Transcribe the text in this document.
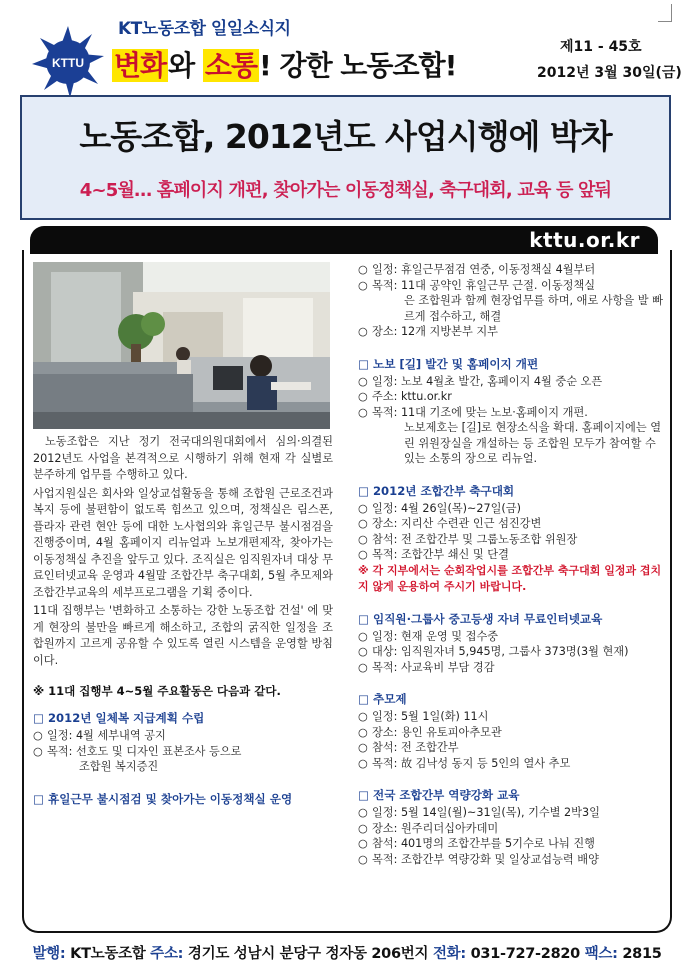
KTTU
KT노동조합 일일소식지
변화와 소통! 강한 노동조합!
제11 - 45호
2012년 3월 30일(금)
노동조합, 2012년도 사업시행에 박차
4~5월… 홈페이지 개편, 찾아가는 이동정책실, 축구대회, 교육 등 앞둬
kttu.or.kr

노동조합은 지난 정기 전국대의원대회에서 심의·의결된 2012년도 사업을 본격적으로 시행하기 위해 현재 각 실별로 분주하게 업무를 수행하고 있다.

사업지원실은 회사와 일상교섭활동을 통해 조합원 근로조건과 복지 등에 불편함이 없도록 힘쓰고 있으며, 정책실은 림스폰, 플라자 관련 현안 등에 대한 노사협의와 휴일근무 불시점검을 진행중이며, 4월 홈페이지 리뉴얼과 노보개편제작, 찾아가는 이동정책실 추진을 앞두고 있다. 조직실은 임직원자녀 대상 무료인터넷교육 운영과 4월말 조합간부 축구대회, 5월 추모제와 조합간부교육의 세부프로그램을 기획 중이다.

11대 집행부는 '변화하고 소통하는 강한 노동조합 건설' 에 맞게 현장의 불만을 빠르게 해소하고, 조합의 굵직한 일정을 조합원까지 고르게 공유할 수 있도록 열린 시스템을 운영할 방침이다.

※ 11대 집행부 4~5월 주요활동은 다음과 같다.
□ 2012년 일체복 지급계획 수립
○ 일정: 4월 세부내역 공지
○ 목적: 선호도 및 디자인 표본조사 등으로
조합원 복지증진
□ 휴일근무 불시점검 및 찾아가는 이동정책실 운영
○ 일정: 휴일근무점검 연중, 이동정책실 4월부터
○ 목적: 11대 공약인 휴일근무 근절. 이동정책실
은 조합원과 함께 현장업무를 하며, 애로 사항을 발 빠르게 접수하고, 해결
○ 장소: 12개 지방본부 지부
□ 노보 [길] 발간 및 홈페이지 개편
○ 일정: 노보 4월초 발간, 홈페이지 4월 중순 오픈
○ 주소: kttu.or.kr
○ 목적: 11대 기조에 맞는 노보·홈페이지 개편.
노보제호는 [길]로 현장소식을 확대. 홈페이지에는 열린 위원장실을 개설하는 등 조합원 모두가 참여할 수 있는 소통의 장으로 리뉴얼.
□ 2012년 조합간부 축구대회
○ 일정: 4월 26일(목)~27일(금)
○ 장소: 지리산 수련관 인근 섬진강변
○ 참석: 전 조합간부 및 그룹노동조합 위원장
○ 목적: 조합간부 쇄신 및 단결
※ 각 지부에서는 순회작업시를 조합간부 축구대회 일정과 겹치지 않게 운용하여 주시기 바랍니다.
□ 임직원·그룹사 중고등생 자녀 무료인터넷교육
○ 일정: 현재 운영 및 접수중
○ 대상: 임직원자녀 5,945명, 그룹사 373명(3월 현재)
○ 목적: 사교육비 부담 경감
□ 추모제
○ 일정: 5월 1일(화) 11시
○ 장소: 용인 유토피아추모관
○ 참석: 전 조합간부
○ 목적: 故 김낙성 동지 등 5인의 열사 추모
□ 전국 조합간부 역량강화 교육
○ 일정: 5월 14일(월)~31일(목), 기수별 2박3일
○ 장소: 원주리더십아카데미
○ 참석: 401명의 조합간부를 5기수로 나눠 진행
○ 목적: 조합간부 역량강화 및 일상교섭능력 배양
발행: KT노동조합 주소: 경기도 성남시 분당구 정자동 206번지 전화: 031-727-2820 팩스: 2815
